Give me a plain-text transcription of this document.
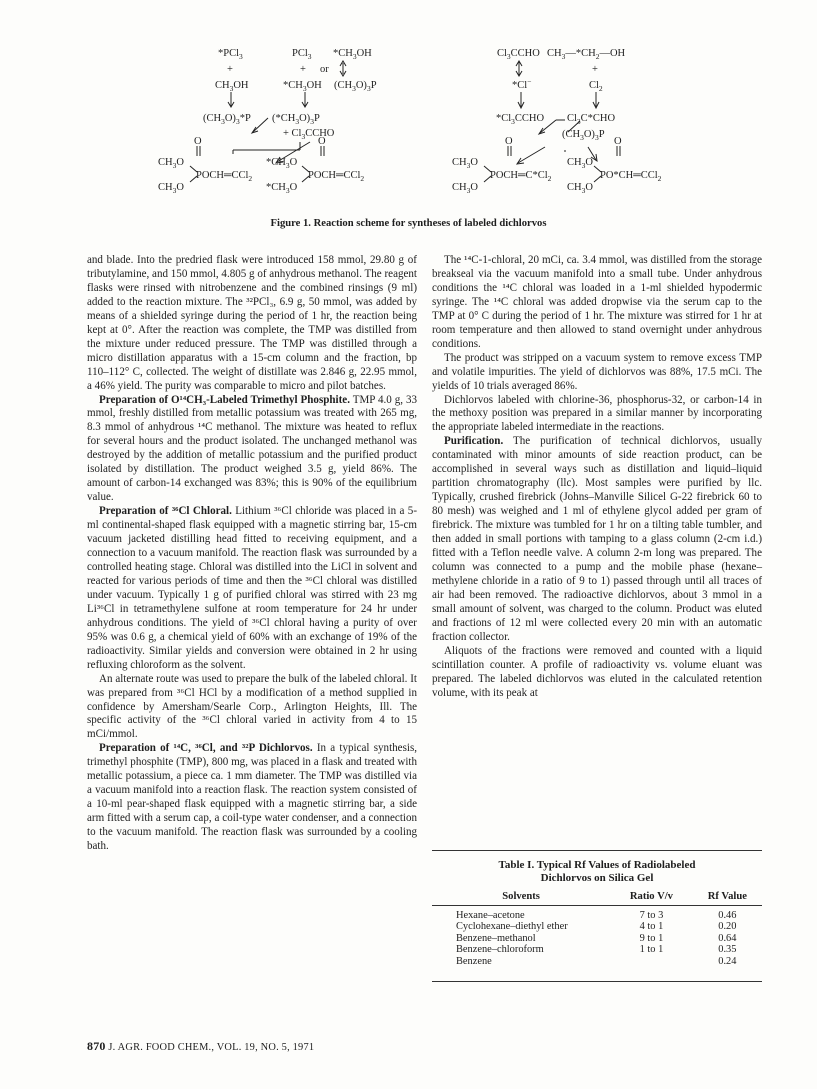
*PCl$_3$
+
$CH_3OH$
$(CH_3O)_3*P$
PCl$_3$ $*CH_3OH$
+ or
$*CH_3OH$ $(CH_3O)_3P$
$(*CH_3O)_3P$
+ $Cl_3CCHO$
O
$CH_3O$
POCH═CCl$_2$
$CH_3O$
O
$*CH_3O$
POCH═CCl$_2$
$*CH_3O$
$Cl_3CCHO$ $CH_3—*CH_2—OH$
*Cl−
+
$Cl_2$
$*Cl_3CCHO$ $Cl_3C*CHO$
$(CH_3O)_3P$
O
$CH_3O$
$POCH═C*Cl_2$
$CH_3O$
O
$CH_3O$
PO*CH═CCl$_2$
$CH_3O$
Figure 1. Reaction scheme for syntheses of labeled dichlorvos

and blade. Into the predried flask were introduced 158 mmol, 29.80 g of tributylamine, and 150 mmol, 4.805 g of anhydrous methanol. The reagent flasks were rinsed with nitrobenzene and the combined rinsings (9 ml) added to the reaction mixture. The ³²PCl₃, 6.9 g, 50 mmol, was added by means of a shielded syringe during the period of 1 hr, the reaction being kept at 0°. After the reaction was complete, the TMP was distilled from the mixture under reduced pressure. The TMP was distilled through a micro distillation apparatus with a 15-cm column and the fraction, bp 110–112° C, collected. The weight of distillate was 2.846 g, 22.95 mmol, a 46% yield. The purity was comparable to micro and pilot batches.

Preparation of O¹⁴CH₃-Labeled Trimethyl Phosphite. TMP 4.0 g, 33 mmol, freshly distilled from metallic potassium was treated with 265 mg, 8.3 mmol of anhydrous ¹⁴C methanol. The mixture was heated to reflux for several hours and the product isolated. The unchanged methanol was destroyed by the addition of metallic potassium and the purified product isolated by distillation. The product weighed 3.5 g, yield 86%. The amount of carbon-14 exchanged was 83%; this is 90% of the equilibrium value.

Preparation of ³⁶Cl Chloral. Lithium ³⁶Cl chloride was placed in a 5-ml continental-shaped flask equipped with a magnetic stirring bar, 15-cm vacuum jacketed distilling head fitted to receiving equipment, and a connection to a vacuum manifold. The reaction flask was surrounded by a controlled heating stage. Chloral was distilled into the LiCl in solvent and reacted for various periods of time and then the ³⁶Cl chloral was distilled under vacuum. Typically 1 g of purified chloral was stirred with 23 mg Li³⁶Cl in tetramethylene sulfone at room temperature for 24 hr under anhydrous conditions. The yield of ³⁶Cl chloral having a purity of over 95% was 0.6 g, a chemical yield of 60% with an exchange of 19% of the radioactivity. Similar yields and conversion were obtained in 2 hr using refluxing chloroform as the solvent.

An alternate route was used to prepare the bulk of the labeled chloral. It was prepared from ³⁶Cl HCl by a modification of a method supplied in confidence by Amersham/Searle Corp., Arlington Heights, Ill. The specific activity of the ³⁶Cl chloral varied in activity from 4 to 15 mCi/mmol.

Preparation of ¹⁴C, ³⁶Cl, and ³²P Dichlorvos. In a typical synthesis, trimethyl phosphite (TMP), 800 mg, was placed in a flask and treated with metallic potassium, a piece ca. 1 mm diameter. The TMP was distilled via a vacuum manifold into a reaction flask. The reaction system consisted of a 10-ml pear-shaped flask equipped with a magnetic stirring bar, a side arm fitted with a serum cap, a coil-type water condenser, and a connection to the vacuum manifold. The reaction flask was surrounded by a cooling bath.

The ¹⁴C-1-chloral, 20 mCi, ca. 3.4 mmol, was distilled from the storage breakseal via the vacuum manifold into a small tube. Under anhydrous conditions the ¹⁴C chloral was loaded in a 1-ml shielded hypodermic syringe. The ¹⁴C chloral was added dropwise via the serum cap to the TMP at 0° C during the period of 1 hr. The mixture was stirred for 1 hr at room temperature and then allowed to stand overnight under anhydrous conditions.

The product was stripped on a vacuum system to remove excess TMP and volatile impurities. The yield of dichlorvos was 88%, 17.5 mCi. The yields of 10 trials averaged 86%.

Dichlorvos labeled with chlorine-36, phosphorus-32, or carbon-14 in the methoxy position was prepared in a similar manner by incorporating the appropriate labeled intermediate in the reactions.

Purification. The purification of technical dichlorvos, usually contaminated with minor amounts of side reaction product, can be accomplished in several ways such as distillation and liquid–liquid partition chromatography (llc). Most samples were purified by llc. Typically, crushed firebrick (Johns–Manville Silicel G-22 firebrick 60 to 80 mesh) was weighed and 1 ml of ethylene glycol added per gram of firebrick. The mixture was tumbled for 1 hr on a tilting table tumbler, and then added in small portions with tamping to a glass column (2-cm i.d.) fitted with a Teflon needle valve. A column 2-m long was prepared. The column was connected to a pump and the mobile phase (hexane–methylene chloride in a ratio of 9 to 1) passed through until all traces of air had been removed. The radioactive dichlorvos, about 3 mmol in a small amount of solvent, was charged to the column. Product was eluted and fractions of 12 ml were collected every 20 min with an automatic fraction collector.

Aliquots of the fractions were removed and counted with a liquid scintillation counter. A profile of radioactivity vs. volume eluant was prepared. The labeled dichlorvos was eluted in the calculated retention volume, with its peak at

Table I. Typical Rf Values of Radiolabeled
Dichlorvos on Silica Gel
Solvents	Ratio V/v	Rf Value

Hexane–acetone	7 to 3	0.46
Cyclohexane–diethyl ether	4 to 1	0.20
Benzene–methanol	9 to 1	0.64
Benzene–chloroform	1 to 1	0.35
Benzene		0.24

870 J. AGR. FOOD CHEM., VOL. 19, NO. 5, 1971
